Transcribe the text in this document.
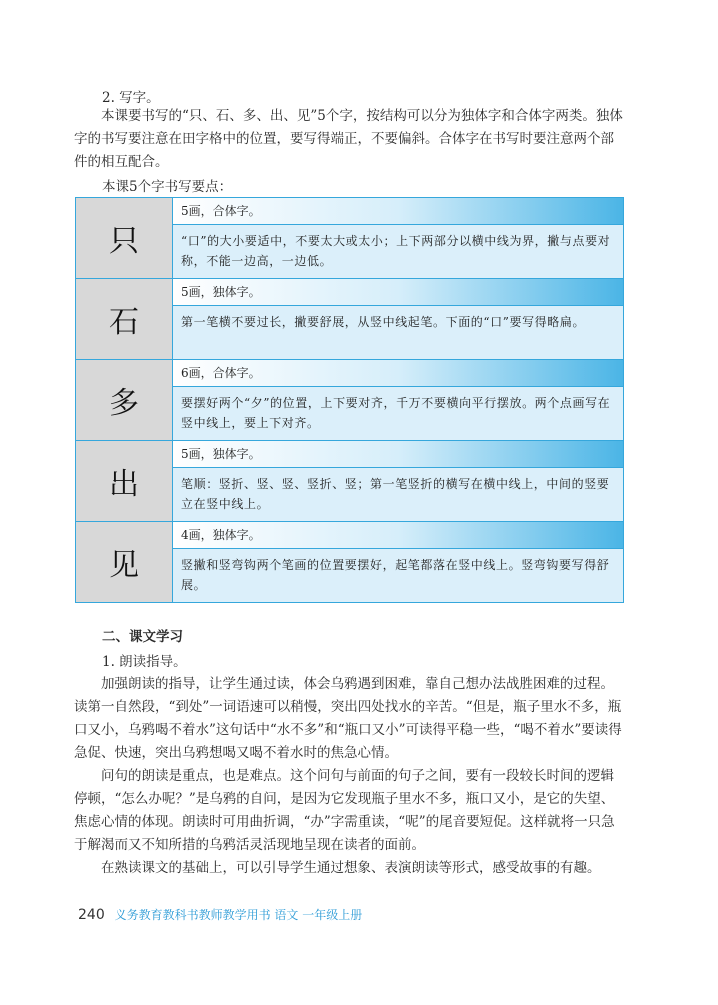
2. 写字。

本课要书写的“只、石、多、出、见”5个字，按结构可以分为独体字和合体字两类。独体字的书写要注意在田字格中的位置，要写得端正，不要偏斜。合体字在书写时要注意两个部件的相互配合。

本课5个字书写要点：
只
5画，合体字。
“口”的大小要适中，不要太大或太小；上下两部分以横中线为界，撇与点要对称，不能一边高，一边低。
石
5画，独体字。
第一笔横不要过长，撇要舒展，从竖中线起笔。下面的“口”要写得略扁。
多
6画，合体字。
要摆好两个“夕”的位置，上下要对齐，千万不要横向平行摆放。两个点画写在竖中线上，要上下对齐。
出
5画，独体字。
笔顺：竖折、竖、竖、竖折、竖；第一笔竖折的横写在横中线上，中间的竖要立在竖中线上。
见
4画，独体字。
竖撇和竖弯钩两个笔画的位置要摆好，起笔都落在竖中线上。竖弯钩要写得舒展。
二、课文学习
1. 朗读指导。

加强朗读的指导，让学生通过读，体会乌鸦遇到困难，靠自己想办法战胜困难的过程。读第一自然段，“到处”一词语速可以稍慢，突出四处找水的辛苦。“但是，瓶子里水不多，瓶口又小，乌鸦喝不着水”这句话中“水不多”和“瓶口又小”可读得平稳一些，“喝不着水”要读得急促、快速，突出乌鸦想喝又喝不着水时的焦急心情。

问句的朗读是重点，也是难点。这个问句与前面的句子之间，要有一段较长时间的逻辑停顿，“怎么办呢？”是乌鸦的自问，是因为它发现瓶子里水不多，瓶口又小，是它的失望、焦虑心情的体现。朗读时可用曲折调，“办”字需重读，“呢”的尾音要短促。这样就将一只急于解渴而又不知所措的乌鸦活灵活现地呈现在读者的面前。

在熟读课文的基础上，可以引导学生通过想象、表演朗读等形式，感受故事的有趣。

240 义务教育教科书教师教学用书 语文 一年级上册
